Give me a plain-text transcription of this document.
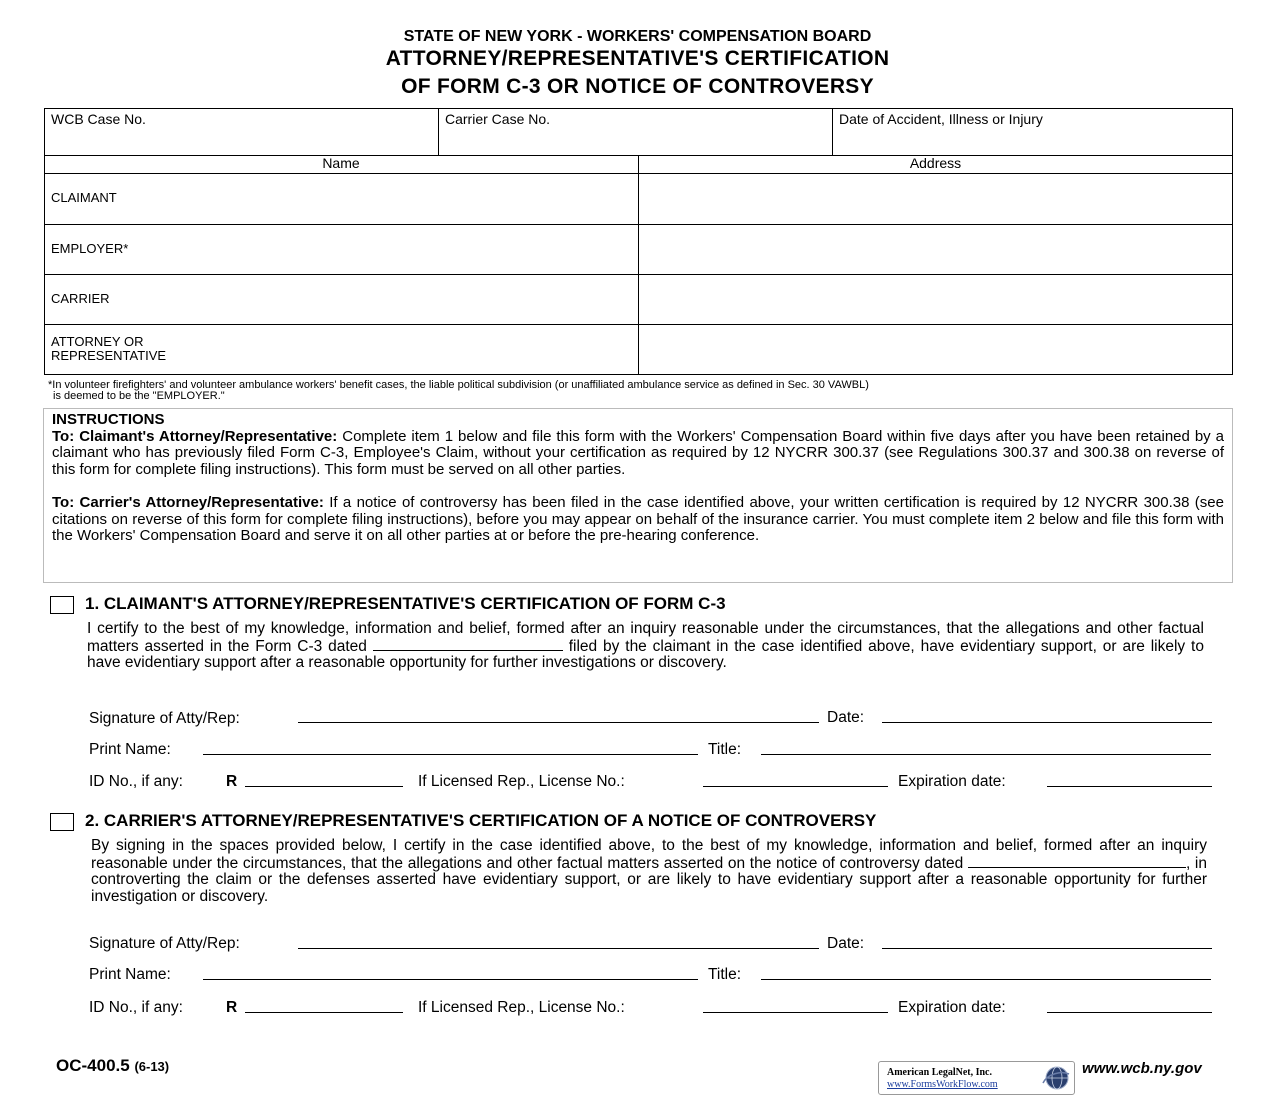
STATE OF NEW YORK - WORKERS' COMPENSATION BOARD
ATTORNEY/REPRESENTATIVE'S CERTIFICATION
OF FORM C-3 OR NOTICE OF CONTROVERSY
WCB Case No.	Carrier Case No.	Date of Accident, Illness or Injury
Name	Address
CLAIMANT
EMPLOYER*
CARRIER
ATTORNEY OR
REPRESENTATIVE
*In volunteer firefighters' and volunteer ambulance workers' benefit cases, the liable political subdivision (or unaffiliated ambulance service as defined in Sec. 30 VAWBL)
is deemed to be the "EMPLOYER."

INSTRUCTIONS

To: Claimant's Attorney/Representative: Complete item 1 below and file this form with the Workers' Compensation Board within five days after you have been retained by a claimant who has previously filed Form C-3, Employee's Claim, without your certification as required by 12 NYCRR 300.37 (see Regulations 300.37 and 300.38 on reverse of this form for complete filing instructions). This form must be served on all other parties.

To: Carrier's Attorney/Representative: If a notice of controversy has been filed in the case identified above, your written certification is required by 12 NYCRR 300.38 (see citations on reverse of this form for complete filing instructions), before you may appear on behalf of the insurance carrier. You must complete item 2 below and file this form with the Workers' Compensation Board and serve it on all other parties at or before the pre-hearing conference.

1. CLAIMANT'S ATTORNEY/REPRESENTATIVE'S CERTIFICATION OF FORM C-3
I certify to the best of my knowledge, information and belief, formed after an inquiry reasonable under the circumstances, that the allegations and other factual matters asserted in the Form C-3 dated	filed by the claimant in the case identified above, have evidentiary support, or are likely to have evidentiary support after a reasonable opportunity for further investigations or discovery.
Signature of Atty/Rep:	Date:
Print Name:	Title:
ID No., if any:	R	If Licensed Rep., License No.:	Expiration date:
2. CARRIER'S ATTORNEY/REPRESENTATIVE'S CERTIFICATION OF A NOTICE OF CONTROVERSY
By signing in the spaces provided below, I certify in the case identified above, to the best of my knowledge, information and belief, formed after an inquiry reasonable under the circumstances, that the allegations and other factual matters asserted on the notice of controversy dated	, in controverting the claim or the defenses asserted have evidentiary support, or are likely to have evidentiary support after a reasonable opportunity for further investigation or discovery.
Signature of Atty/Rep:	Date:
Print Name:	Title:
ID No., if any:	R	If Licensed Rep., License No.:	Expiration date:
OC-400.5 (6-13)	American LegalNet, Inc.
www.FormsWorkFlow.com
www.wcb.ny.gov
